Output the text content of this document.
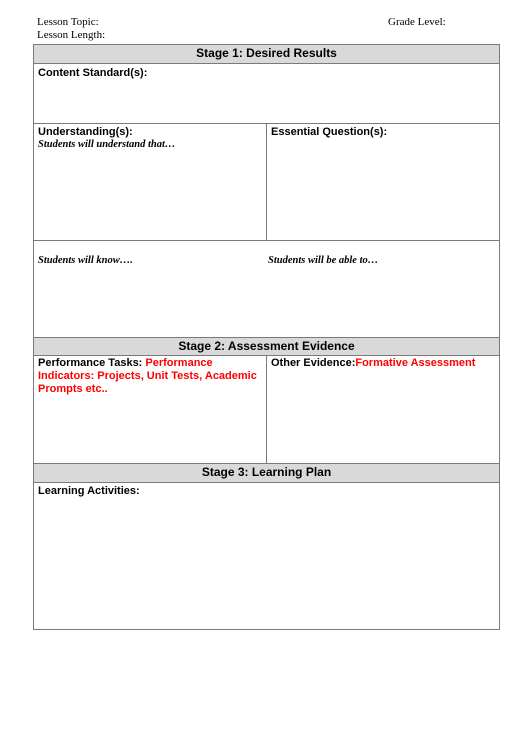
Lesson Topic:
Lesson Length:
Grade Level:
Stage 1: Desired Results
Content Standard(s):
Understanding(s):
Students will understand that…
Essential Question(s):
Students will know….	Students will be able to…
Stage 2: Assessment Evidence
Performance Tasks: Performance Indicators: Projects, Unit Tests, Academic Prompts etc..
Other Evidence:Formative Assessment
Stage 3: Learning Plan
Learning Activities:
